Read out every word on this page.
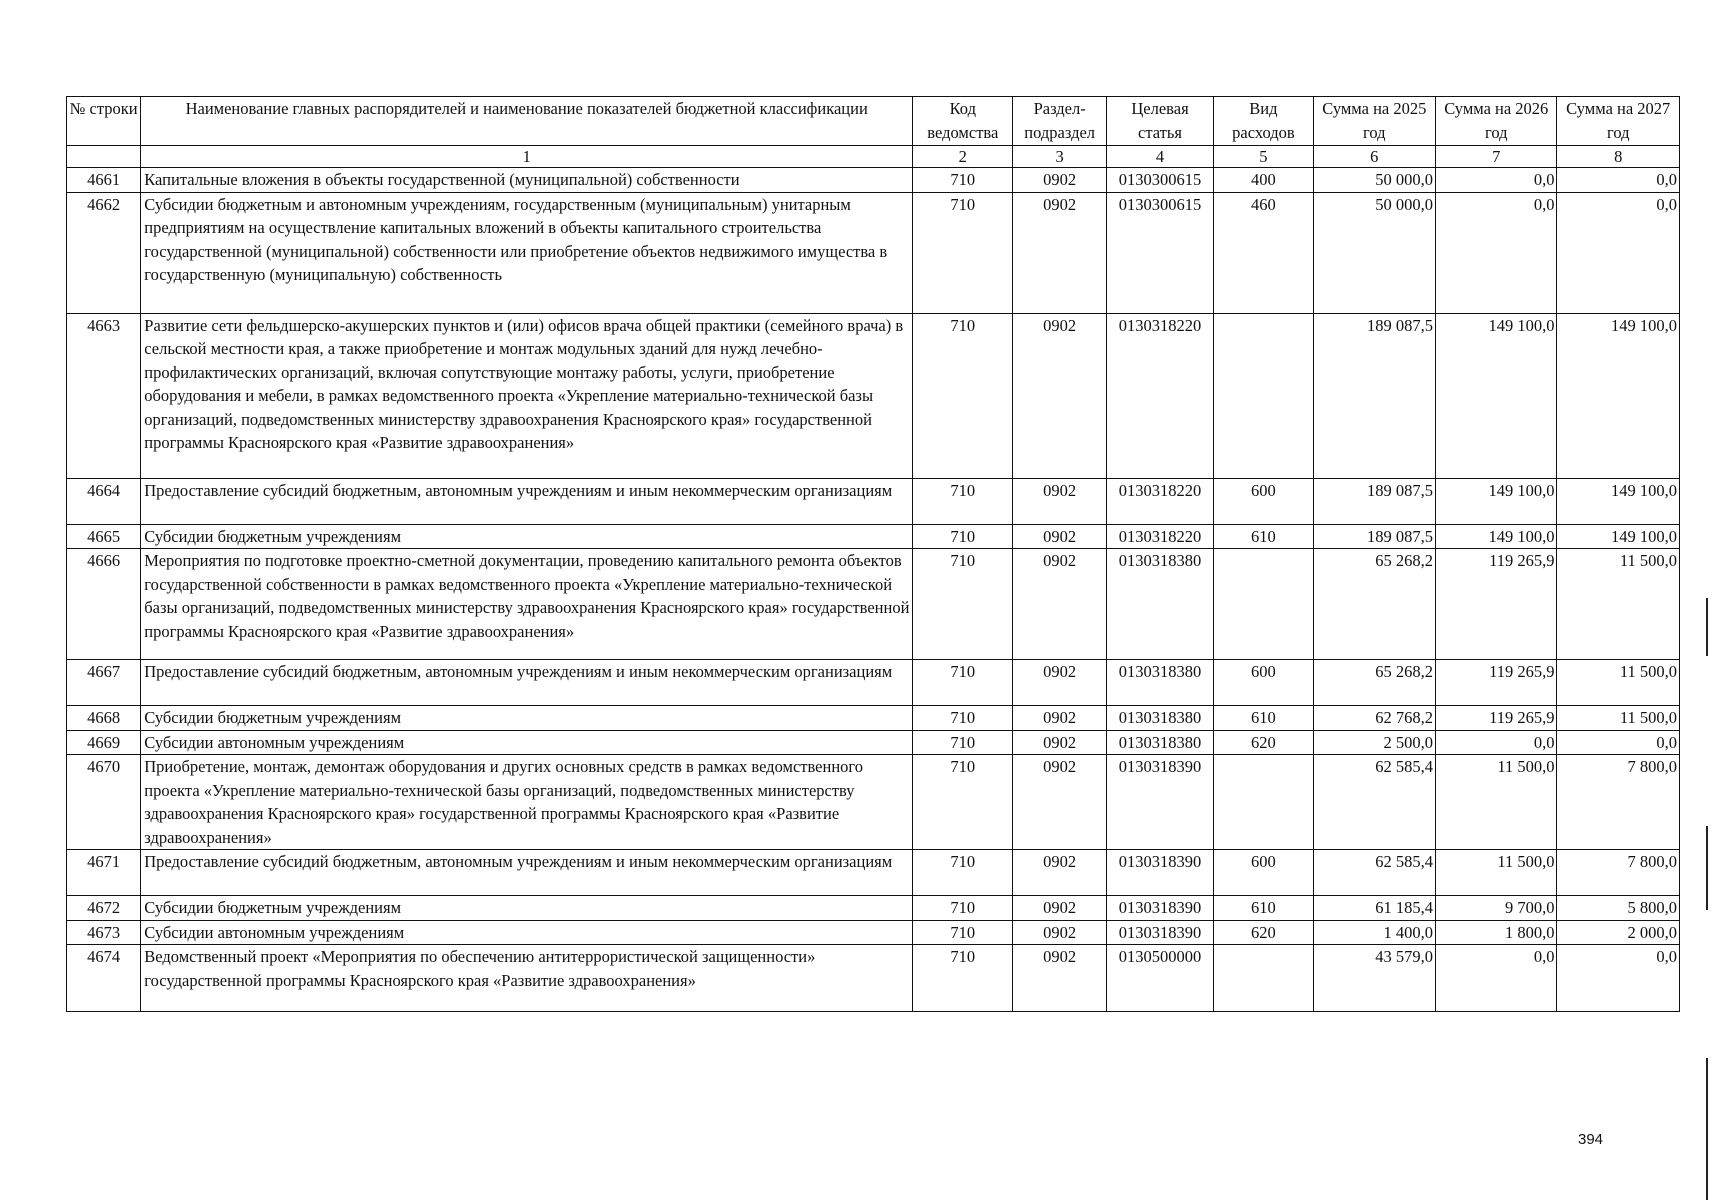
№ строки	Наименование главных распорядителей и наименование показателей бюджетной классификации	Код ведомства	Раздел-подраздел	Целевая статья	Вид расходов	Сумма на 2025 год	Сумма на 2026 год	Сумма на 2027 год
	1	2	3	4	5	6	7	8
4661	Капитальные вложения в объекты государственной (муниципальной) собственности	710	0902	0130300615	400	50 000,0	0,0	0,0
4662	Субсидии бюджетным и автономным учреждениям, государственным (муниципальным) унитарным предприятиям на осуществление капитальных вложений в объекты капитального строительства государственной (муниципальной) собственности или приобретение объектов недвижимого имущества в государственную (муниципальную) собственность	710	0902	0130300615	460	50 000,0	0,0	0,0
4663	Развитие сети фельдшерско-акушерских пунктов и (или) офисов врача общей практики (семейного врача) в сельской местности края, а также приобретение и монтаж модульных зданий для нужд лечебно-профилактических организаций, включая сопутствующие монтажу работы, услуги, приобретение оборудования и мебели, в рамках ведомственного проекта «Укрепление материально-технической базы организаций, подведомственных министерству здравоохранения Красноярского края» государственной программы Красноярского края «Развитие здравоохранения»	710	0902	0130318220		189 087,5	149 100,0	149 100,0
4664	Предоставление субсидий бюджетным, автономным учреждениям и иным некоммерческим организациям	710	0902	0130318220	600	189 087,5	149 100,0	149 100,0
4665	Субсидии бюджетным учреждениям	710	0902	0130318220	610	189 087,5	149 100,0	149 100,0
4666	Мероприятия по подготовке проектно-сметной документации, проведению капитального ремонта объектов государственной собственности в рамках ведомственного проекта «Укрепление материально-технической базы организаций, подведомственных министерству здравоохранения Красноярского края» государственной программы Красноярского края «Развитие здравоохранения»	710	0902	0130318380		65 268,2	119 265,9	11 500,0
4667	Предоставление субсидий бюджетным, автономным учреждениям и иным некоммерческим организациям	710	0902	0130318380	600	65 268,2	119 265,9	11 500,0
4668	Субсидии бюджетным учреждениям	710	0902	0130318380	610	62 768,2	119 265,9	11 500,0
4669	Субсидии автономным учреждениям	710	0902	0130318380	620	2 500,0	0,0	0,0
4670	Приобретение, монтаж, демонтаж оборудования и других основных средств в рамках ведомственного проекта «Укрепление материально-технической базы организаций, подведомственных министерству здравоохранения Красноярского края» государственной программы Красноярского края «Развитие здравоохранения»	710	0902	0130318390		62 585,4	11 500,0	7 800,0
4671	Предоставление субсидий бюджетным, автономным учреждениям и иным некоммерческим организациям	710	0902	0130318390	600	62 585,4	11 500,0	7 800,0
4672	Субсидии бюджетным учреждениям	710	0902	0130318390	610	61 185,4	9 700,0	5 800,0
4673	Субсидии автономным учреждениям	710	0902	0130318390	620	1 400,0	1 800,0	2 000,0
4674	Ведомственный проект «Мероприятия по обеспечению антитеррористической защищенности» государственной программы Красноярского края «Развитие здравоохранения»	710	0902	0130500000		43 579,0	0,0	0,0
394
